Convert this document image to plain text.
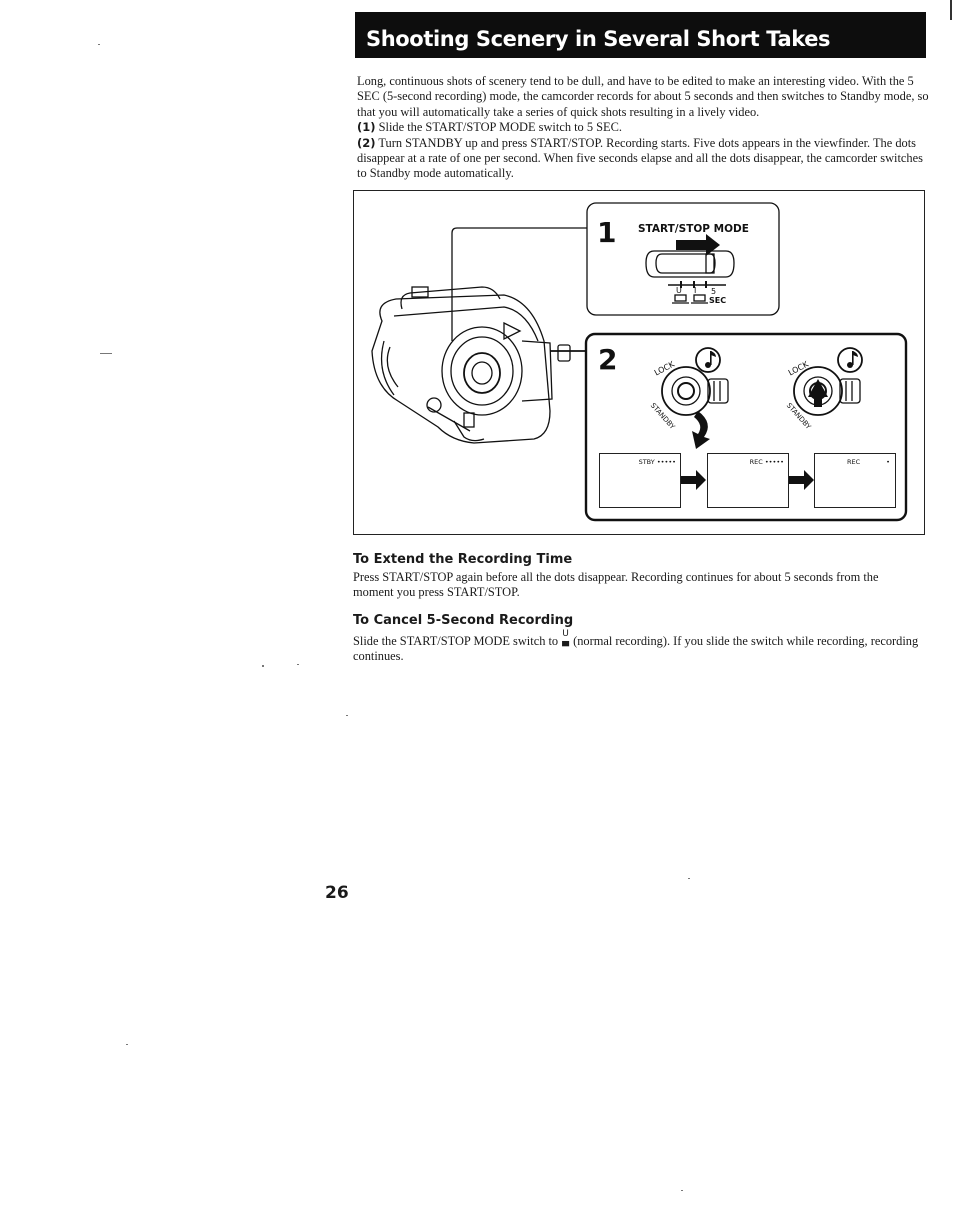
Shooting Scenery in Several Short Takes

Long, continuous shots of scenery tend to be dull, and have to be edited to make an interesting video. With the 5 SEC (5-second recording) mode, the camcorder records for about 5 seconds and then switches to Standby mode, so that you will automatically take a series of quick shots resulting in a lively video.

(1) Slide the START/STOP MODE switch to 5 SEC.

(2) Turn STANDBY up and press START/STOP. Recording starts. Five dots appears in the viewfinder. The dots disappear at a rate of one per second. When five seconds elapse and all the dots disappear, the camcorder switches to Standby mode automatically.

1 START/STOP MODE
U I 5
SEC
2	LOCK
STANDBY
LOCK
STANDBY
STBY •••••	REC •••••	REC	•
To Extend the Recording Time
Press START/STOP again before all the dots disappear. Recording continues for about 5 seconds from the moment you press START/STOP.
To Cancel 5-Second Recording
Slide the START/STOP MODE switch to U
▄ (normal recording). If you slide the switch while recording, recording continues.
26
